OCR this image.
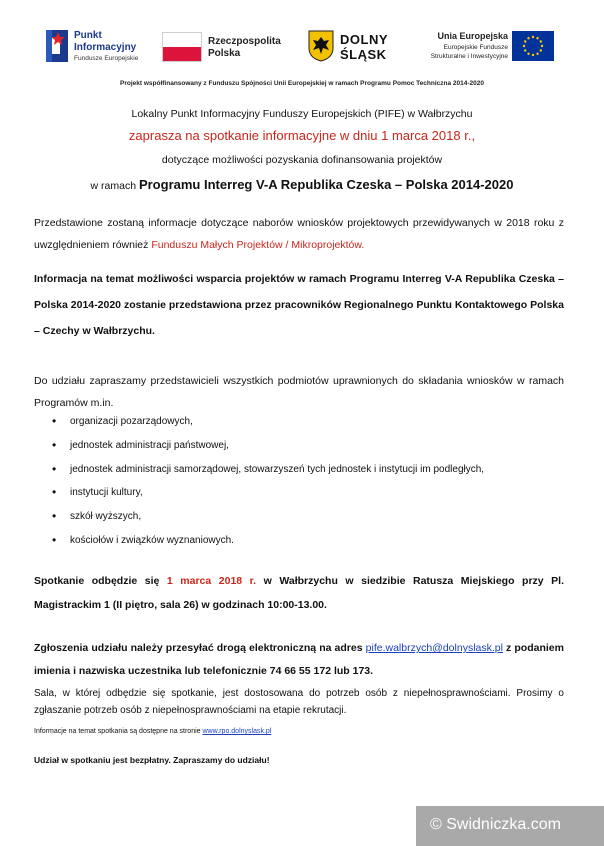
Punkt
Informacyjny
Fundusze Europejskie
Rzeczpospolita
Polska
DOLNY
ŚLĄSK
Unia Europejska
Europejskie Fundusze
Strukturalne i Inwestycyjne
Projekt współfinansowany z Funduszu Spójności Unii Europejskiej w ramach Programu Pomoc Techniczna 2014-2020
Lokalny Punkt Informacyjny Funduszy Europejskich (PIFE) w Wałbrzychu
zaprasza na spotkanie informacyjne w dniu 1 marca 2018 r.,
dotyczące możliwości pozyskania dofinansowania projektów
w ramach Programu Interreg V-A Republika Czeska – Polska 2014-2020
Przedstawione zostaną informacje dotyczące naborów wniosków projektowych przewidywanych w 2018 roku z uwzględnieniem również Funduszu Małych Projektów / Mikroprojektów.
Informacja na temat możliwości wsparcia projektów w ramach Programu Interreg V-A Republika Czeska – Polska 2014-2020 zostanie przedstawiona przez pracowników Regionalnego Punktu Kontaktowego Polska – Czechy w Wałbrzychu.
Do udziału zapraszamy przedstawicieli wszystkich podmiotów uprawnionych do składania wniosków w ramach Programów m.in.
• organizacji pozarządowych,
• jednostek administracji państwowej,
• jednostek administracji samorządowej, stowarzyszeń tych jednostek i instytucji im podległych,
• instytucji kultury,
• szkół wyższych,
• kościołów i związków wyznaniowych.
Spotkanie odbędzie się 1 marca 2018 r. w Wałbrzychu w siedzibie Ratusza Miejskiego przy Pl. Magistrackim 1 (II piętro, sala 26) w godzinach 10:00-13.00.
Zgłoszenia udziału należy przesyłać drogą elektroniczną na adres pife.walbrzych@dolnyslask.pl z podaniem imienia i nazwiska uczestnika lub telefonicznie 74 66 55 172 lub 173.
Sala, w której odbędzie się spotkanie, jest dostosowana do potrzeb osób z niepełnosprawnościami. Prosimy o zgłaszanie potrzeb osób z niepełnosprawnościami na etapie rekrutacji.
Informacje na temat spotkania są dostępne na stronie www.rpo.dolnyslask.pl
Udział w spotkaniu jest bezpłatny. Zapraszamy do udziału!
© Swidniczka.com
